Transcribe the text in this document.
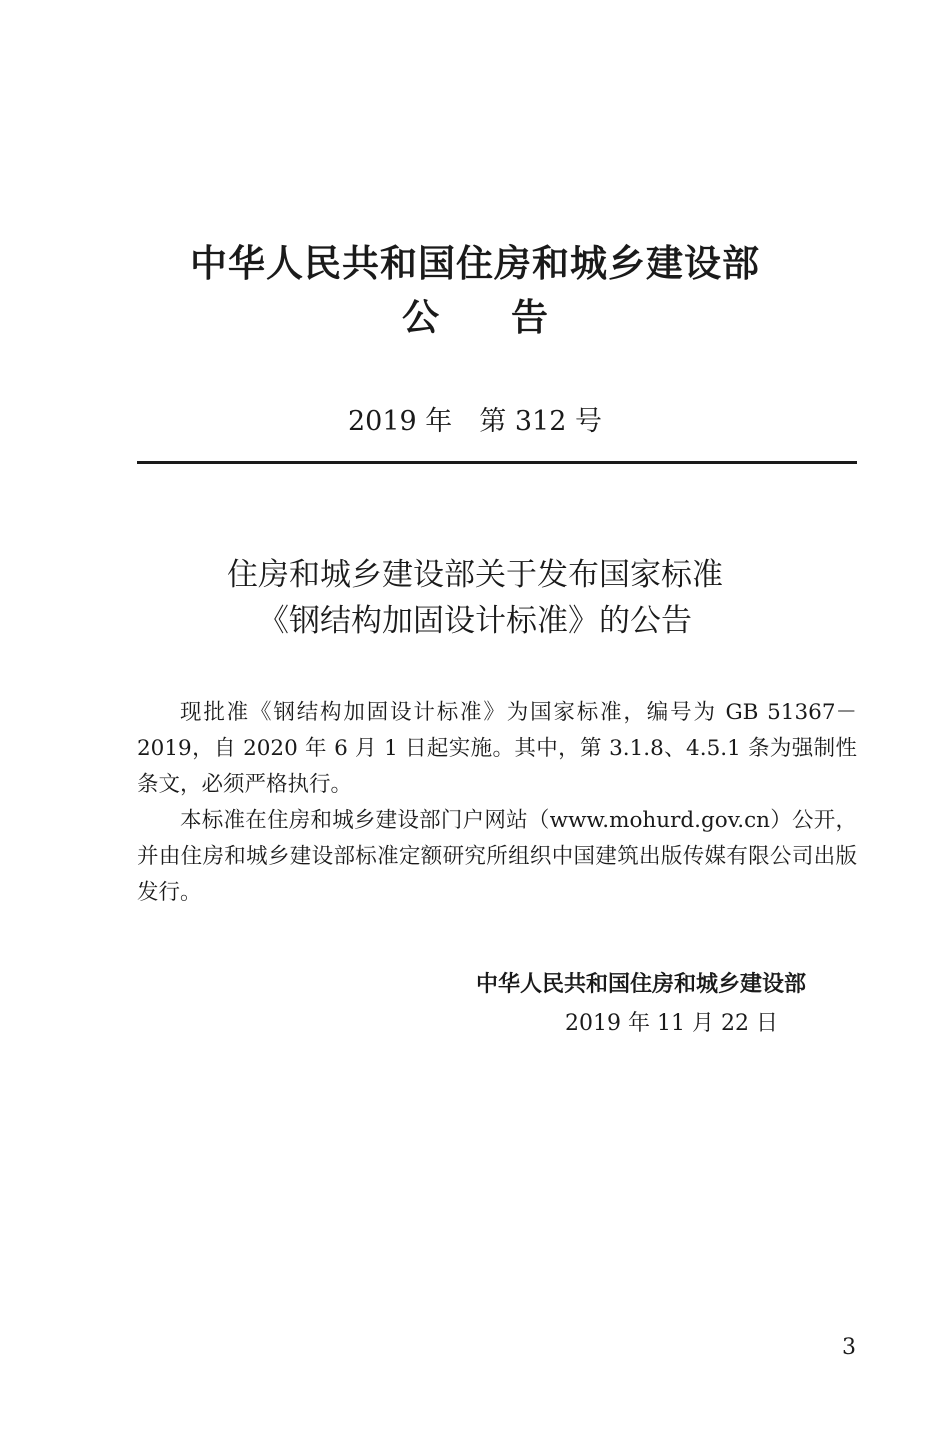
中华人民共和国住房和城乡建设部
公告
2019 年　第 312 号
住房和城乡建设部关于发布国家标准
《钢结构加固设计标准》的公告

现批准《钢结构加固设计标准》为国家标准，编号为 GB 51367－2019，自 2020 年 6 月 1 日起实施。其中，第 3.1.8、4.5.1 条为强制性条文，必须严格执行。

本标准在住房和城乡建设部门户网站（www.mohurd.gov.cn）公开，并由住房和城乡建设部标准定额研究所组织中国建筑出版传媒有限公司出版发行。

中华人民共和国住房和城乡建设部
2019 年 11 月 22 日
3
